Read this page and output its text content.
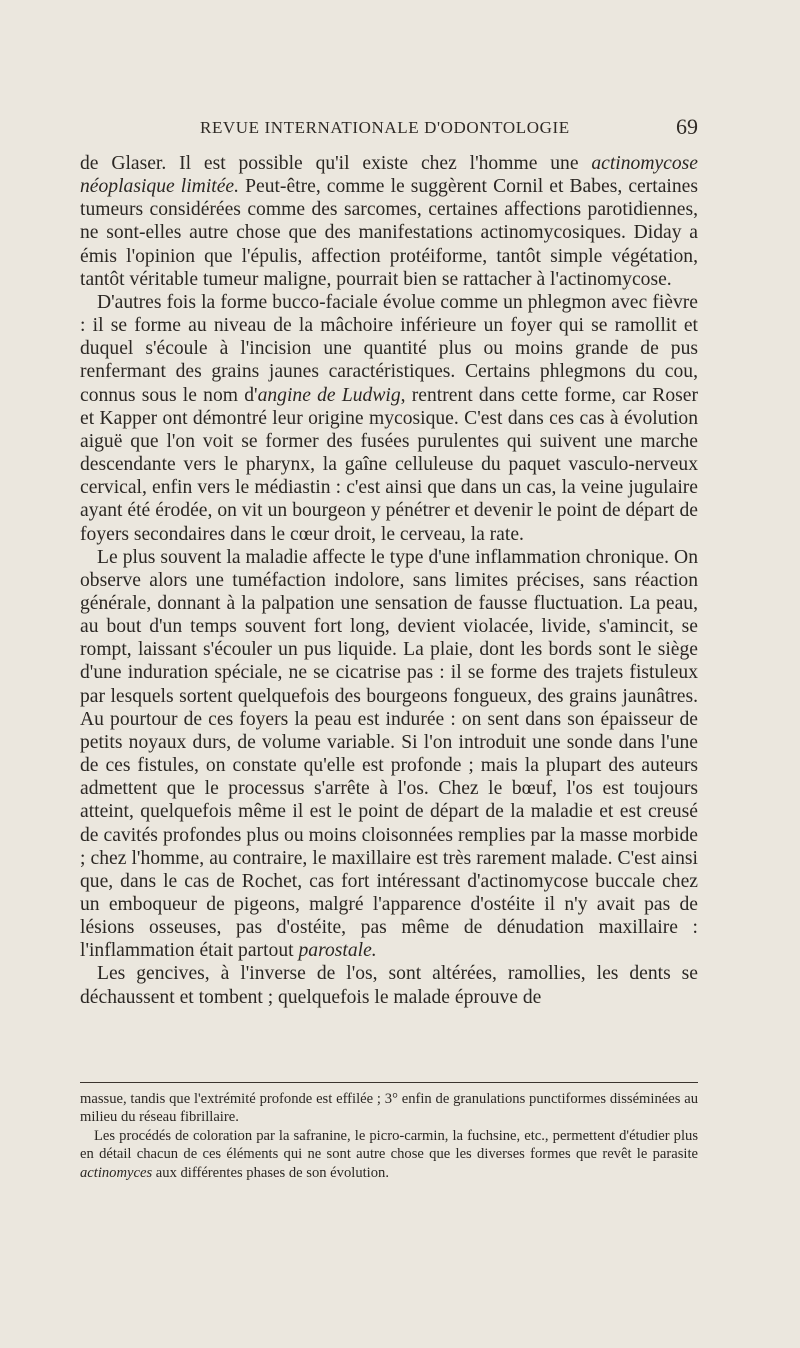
REVUE INTERNATIONALE D'ODONTOLOGIE	69

de Glaser. Il est possible qu'il existe chez l'homme une actinomycose néoplasique limitée. Peut-être, comme le suggèrent Cornil et Babes, certaines tumeurs considérées comme des sarcomes, certaines affections parotidiennes, ne sont-elles autre chose que des manifestations actinomycosiques. Diday a émis l'opinion que l'épulis, affection protéiforme, tantôt simple végétation, tantôt véritable tumeur maligne, pourrait bien se rattacher à l'actinomycose.

D'autres fois la forme bucco-faciale évolue comme un phlegmon avec fièvre : il se forme au niveau de la mâchoire inférieure un foyer qui se ramollit et duquel s'écoule à l'incision une quantité plus ou moins grande de pus renfermant des grains jaunes caractéristiques. Certains phlegmons du cou, connus sous le nom d'angine de Ludwig, rentrent dans cette forme, car Roser et Kapper ont démontré leur origine mycosique. C'est dans ces cas à évolution aiguë que l'on voit se former des fusées purulentes qui suivent une marche descendante vers le pharynx, la gaîne celluleuse du paquet vasculo-nerveux cervical, enfin vers le médiastin : c'est ainsi que dans un cas, la veine jugulaire ayant été érodée, on vit un bourgeon y pénétrer et devenir le point de départ de foyers secondaires dans le cœur droit, le cerveau, la rate.

Le plus souvent la maladie affecte le type d'une inflammation chronique. On observe alors une tuméfaction indolore, sans limites précises, sans réaction générale, donnant à la palpation une sensation de fausse fluctuation. La peau, au bout d'un temps souvent fort long, devient violacée, livide, s'amincit, se rompt, laissant s'écouler un pus liquide. La plaie, dont les bords sont le siège d'une induration spéciale, ne se cicatrise pas : il se forme des trajets fistuleux par lesquels sortent quelquefois des bourgeons fongueux, des grains jaunâtres. Au pourtour de ces foyers la peau est indurée : on sent dans son épaisseur de petits noyaux durs, de volume variable. Si l'on introduit une sonde dans l'une de ces fistules, on constate qu'elle est profonde ; mais la plupart des auteurs admettent que le processus s'arrête à l'os. Chez le bœuf, l'os est toujours atteint, quelquefois même il est le point de départ de la maladie et est creusé de cavités profondes plus ou moins cloisonnées remplies par la masse morbide ; chez l'homme, au contraire, le maxillaire est très rarement malade. C'est ainsi que, dans le cas de Rochet, cas fort intéressant d'actinomycose buccale chez un emboqueur de pigeons, malgré l'apparence d'ostéite il n'y avait pas de lésions osseuses, pas d'ostéite, pas même de dénudation maxillaire : l'inflammation était partout parostale.

Les gencives, à l'inverse de l'os, sont altérées, ramollies, les dents se déchaussent et tombent ; quelquefois le malade éprouve de

massue, tandis que l'extrémité profonde est effilée ; 3° enfin de granulations punctiformes disséminées au milieu du réseau fibrillaire.

Les procédés de coloration par la safranine, le picro-carmin, la fuchsine, etc., permettent d'étudier plus en détail chacun de ces éléments qui ne sont autre chose que les diverses formes que revêt le parasite actinomyces aux différentes phases de son évolution.
